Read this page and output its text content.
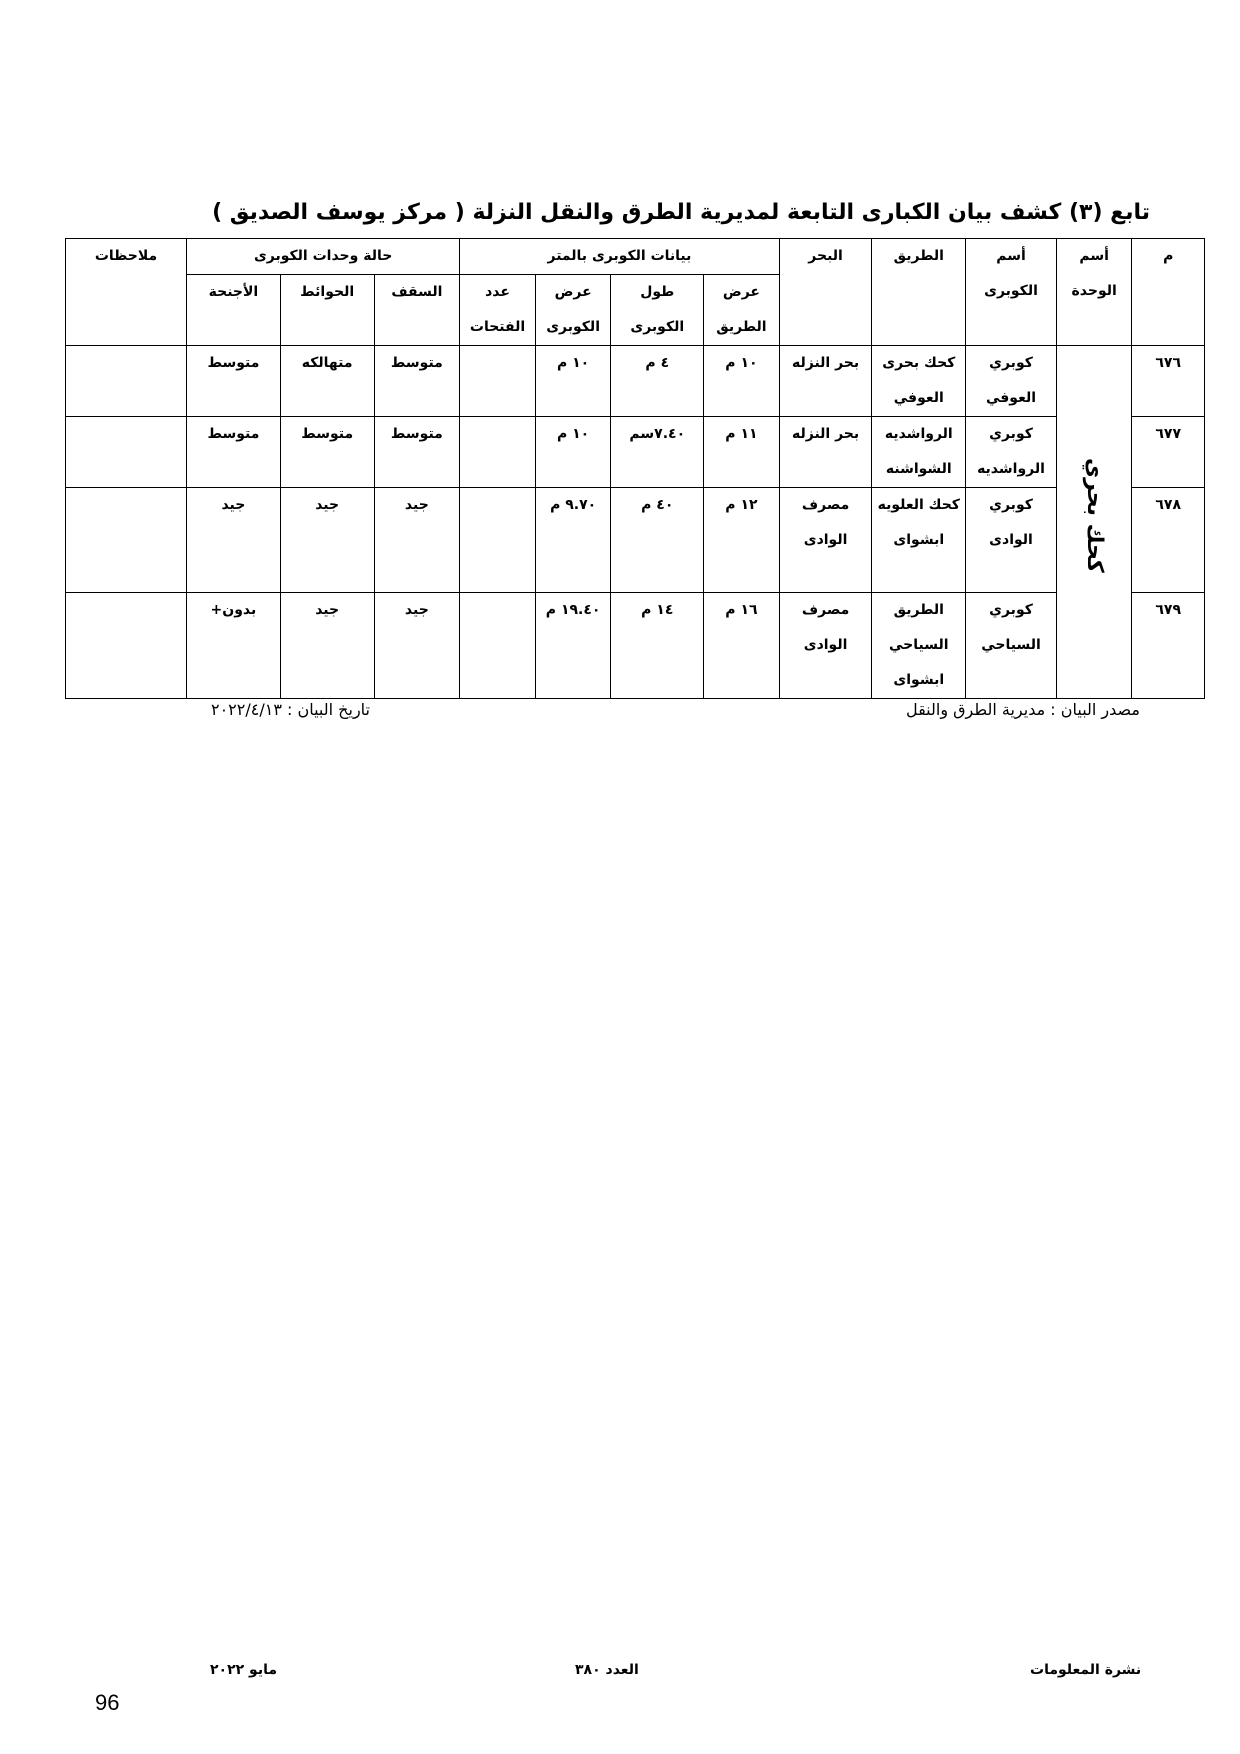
تابع (٣) كشف بيان الكبارى التابعة لمديرية الطرق والنقل النزلة ( مركز يوسف الصديق )
م	أسم الوحدة	أسم الكوبرى	الطريق	البحر	بيانات الكوبرى بالمتر				حالة وحدات الكوبرى			ملاحظات
					عرض الطريق	طول الكوبرى	عرض الكوبرى	عدد الفتحات	السقف	الحوائط	الأجنحة	

٦٧٦	كحك بحري	كوبري العوفي	كحك بحرى العوفي	بحر النزله	١٠ م	٤ م	١٠ م		متوسط	متهالكه	متوسط	
٦٧٧		كوبري الرواشديه	الرواشديه الشواشنه	بحر النزله	١١ م	٧.٤٠سم	١٠ م		متوسط	متوسط	متوسط	
٦٧٨		كوبري الوادى	كحك العلويه ابشواى	مصرف الوادى	١٢ م	٤٠ م	٩.٧٠ م		جيد	جيد	جيد	
٦٧٩		كوبري السياحي	الطريق السياحي ابشواى	مصرف الوادى	١٦ م	١٤ م	١٩.٤٠ م		جيد	جيد	بدون+	
مصدر البيان : مديرية الطرق والنقل
تاريخ البيان : ٢٠٢٢/٤/١٣
نشرة المعلومات
العدد ٣٨٠
مايو ٢٠٢٢
96
